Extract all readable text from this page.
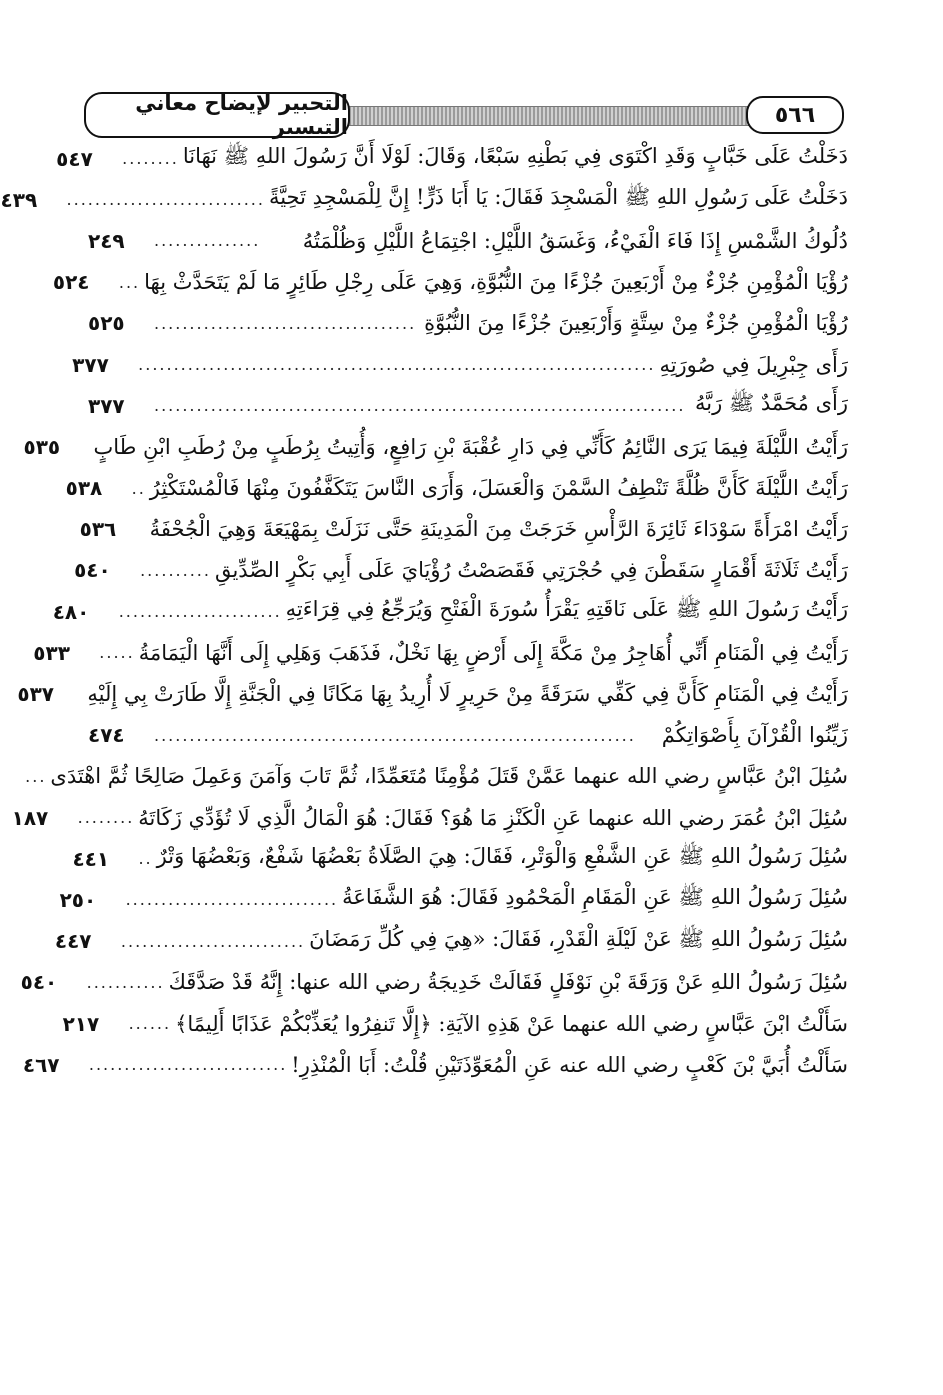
التحبير لإيضاح معاني التيسير	٥٦٦
دَخَلْتُ عَلَى خَبَّابٍ وَقَدِ اكْتَوَى فِي بَطْنِهِ سَبْعًا، وَقَالَ: لَوْلَا أَنَّ رَسُولَ اللهِ ﷺ نَهَانَا
........
٥٤٧
دَخَلْتُ عَلَى رَسُولِ اللهِ ﷺ الْمَسْجِدَ فَقَالَ: يَا أَبَا ذَرٍّ! إِنَّ لِلْمَسْجِدِ تَحِيَّةً
............................
٤٣٩
دُلُوكُ الشَّمْسِ إِذَا فَاءَ الْفَيْءُ، وَغَسَقُ اللَّيْلِ: اجْتِمَاعُ اللَّيْلِ وَظُلْمَتُهُ
...............
٢٤٩
رُؤْيَا الْمُؤْمِنِ جُزْءٌ مِنْ أَرْبَعِينَ جُزْءًا مِنَ النُّبُوَّةِ، وَهِيَ عَلَى رِجْلِ طَائِرٍ مَا لَمْ يَتَحَدَّثْ بِهَا
...
٥٢٤
رُؤْيَا الْمُؤْمِنِ جُزْءٌ مِنْ سِتَّةٍ وَأَرْبَعِينَ جُزْءًا مِنَ النُّبُوَّةِ
.....................................
٥٢٥
رَأَى جِبْرِيلَ فِي صُورَتِهِ
.........................................................................
٣٧٧
رَأَى مُحَمَّدٌ ﷺ رَبَّهُ
...........................................................................
٣٧٧
رَأَيْتُ اللَّيْلَةَ فِيمَا يَرَى النَّائِمُ كَأَنِّي فِي دَارِ عُقْبَةَ بْنِ رَافِعٍ، وَأُتِيتُ بِرُطَبٍ مِنْ رُطَبِ ابْنِ طَابٍ
٥٣٥
رَأَيْتُ اللَّيْلَةَ كَأَنَّ ظُلَّةً تَنْطِفُ السَّمْنَ وَالْعَسَلَ، وَأَرَى النَّاسَ يَتَكَفَّفُونَ مِنْهَا فَالْمُسْتَكْثِرُ
..
٥٣٨
رَأَيْتُ امْرَأَةً سَوْدَاءَ ثَائِرَةَ الرَّأْسِ خَرَجَتْ مِنَ الْمَدِينَةِ حَتَّى نَزَلَتْ بِمَهْيَعَةَ وَهِيَ الْجُحْفَةُ
٥٣٦
رَأَيْتُ ثَلَاثَةَ أَقْمَارٍ سَقَطْنَ فِي حُجْرَتِي فَقَصَصْتُ رُؤْيَايَ عَلَى أَبِي بَكْرٍ الصِّدِّيقِ
..........
٥٤٠
رَأَيْتُ رَسُولَ اللهِ ﷺ عَلَى نَاقَتِهِ يَقْرَأُ سُورَةَ الْفَتْحِ وَيُرَجِّعُ فِي قِرَاءَتِهِ
.......................
٤٨٠
رَأَيْتُ فِي الْمَنَامِ أَنِّي أُهَاجِرُ مِنْ مَكَّةَ إِلَى أَرْضٍ بِهَا نَخْلٌ، فَذَهَبَ وَهَلِي إِلَى أَنَّهَا الْيَمَامَةُ
.....
٥٣٣
رَأَيْتُ فِي الْمَنَامِ كَأَنَّ فِي كَفِّي سَرَقَةً مِنْ حَرِيرٍ لَا أُرِيدُ بِهَا مَكَانًا فِي الْجَنَّةِ إِلَّا طَارَتْ بِي إِلَيْهِ
٥٣٧
زَيِّنُوا الْقُرْآنَ بِأَصْوَاتِكُمْ
....................................................................
٤٧٤
سُئِلَ ابْنُ عَبَّاسٍ رضي الله عنهما عَمَّنْ قَتَلَ مُؤْمِنًا مُتَعَمِّدًا، ثُمَّ تَابَ وَآمَنَ وَعَمِلَ صَالِحًا ثُمَّ اهْتَدَى
...
سُئِلَ ابْنُ عُمَرَ رضي الله عنهما عَنِ الْكَنْزِ مَا هُوَ؟ فَقَالَ: هُوَ الْمَالُ الَّذِي لَا تُؤَدِّي زَكَاتَهُ
........
١٨٧
سُئِلَ رَسُولُ اللهِ ﷺ عَنِ الشَّفْعِ وَالْوَتْرِ، فَقَالَ: هِيَ الصَّلَاةُ بَعْضُهَا شَفْعٌ، وَبَعْضُهَا وَتْرٌ
..
٤٤١
سُئِلَ رَسُولُ اللهِ ﷺ عَنِ الْمَقَامِ الْمَحْمُودِ فَقَالَ: هُوَ الشَّفَاعَةُ
..............................
٢٥٠
سُئِلَ رَسُولُ اللهِ ﷺ عَنْ لَيْلَةِ الْقَدْرِ، فَقَالَ: «هِيَ فِي كُلِّ رَمَضَانَ
..........................
٤٤٧
سُئِلَ رَسُولُ اللهِ عَنْ وَرَقَةَ بْنِ نَوْفَلٍ فَقَالَتْ خَدِيجَةُ رضي الله عنها: إِنَّهُ قَدْ صَدَّقَكَ
...........
٥٤٠
سَأَلْتُ ابْنَ عَبَّاسٍ رضي الله عنهما عَنْ هَذِهِ الآيَةِ: ﴿إِلَّا تَنفِرُوا يُعَذِّبْكُمْ عَذَابًا أَلِيمًا﴾
......
٢١٧
سَأَلْتُ أُبَيَّ بْنَ كَعْبٍ رضي الله عنه عَنِ الْمُعَوِّذَتَيْنِ قُلْتُ: أَبَا الْمُنْذِرِ!
............................
٤٦٧
